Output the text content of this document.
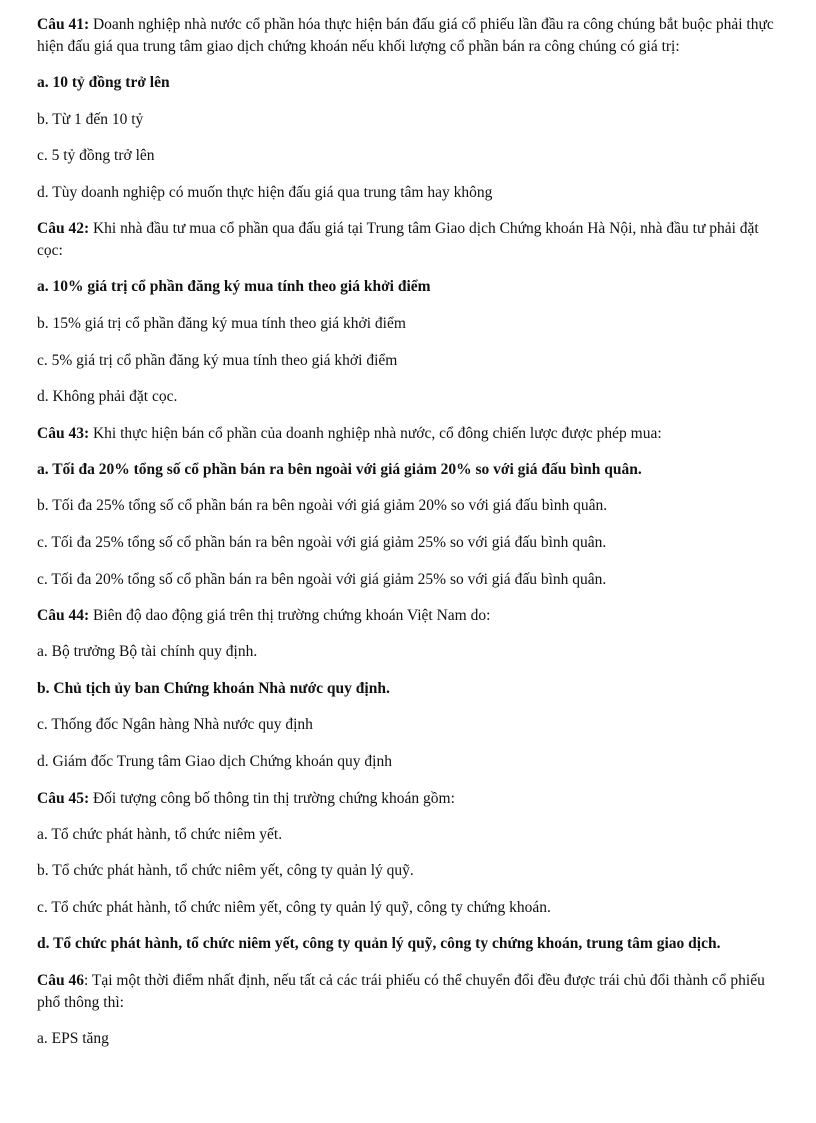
Câu 41: Doanh nghiệp nhà nước cổ phần hóa thực hiện bán đấu giá cổ phiếu lần đầu ra công chúng bắt buộc phải thực hiện đấu giá qua trung tâm giao dịch chứng khoán nếu khối lượng cổ phần bán ra công chúng có giá trị:

a. 10 tỷ đồng trở lên

b. Từ 1 đến 10 tỷ

c. 5 tỷ đồng trở lên

d. Tùy doanh nghiệp có muốn thực hiện đấu giá qua trung tâm hay không

Câu 42: Khi nhà đầu tư mua cổ phần qua đấu giá tại Trung tâm Giao dịch Chứng khoán Hà Nội, nhà đầu tư phải đặt cọc:

a. 10% giá trị cổ phần đăng ký mua tính theo giá khởi điểm

b. 15% giá trị cổ phần đăng ký mua tính theo giá khởi điểm

c. 5% giá trị cổ phần đăng ký mua tính theo giá khởi điểm

d. Không phải đặt cọc.

Câu 43: Khi thực hiện bán cổ phần của doanh nghiệp nhà nước, cổ đông chiến lược được phép mua:

a. Tối đa 20% tổng số cổ phần bán ra bên ngoài với giá giảm 20% so với giá đấu bình quân.

b. Tối đa 25% tổng số cổ phần bán ra bên ngoài với giá giảm 20% so với giá đấu bình quân.

c. Tối đa 25% tổng số cổ phần bán ra bên ngoài với giá giảm 25% so với giá đấu bình quân.

c. Tối đa 20% tổng số cổ phần bán ra bên ngoài với giá giảm 25% so với giá đấu bình quân.

Câu 44: Biên độ dao động giá trên thị trường chứng khoán Việt Nam do:

a. Bộ trưởng Bộ tài chính quy định.

b. Chủ tịch ủy ban Chứng khoán Nhà nước quy định.

c. Thống đốc Ngân hàng Nhà nước quy định

d. Giám đốc Trung tâm Giao dịch Chứng khoán quy định

Câu 45: Đối tượng công bố thông tin thị trường chứng khoán gồm:

a. Tổ chức phát hành, tổ chức niêm yết.

b. Tổ chức phát hành, tổ chức niêm yết, công ty quản lý quỹ.

c. Tổ chức phát hành, tổ chức niêm yết, công ty quản lý quỹ, công ty chứng khoán.

d. Tổ chức phát hành, tổ chức niêm yết, công ty quản lý quỹ, công ty chứng khoán, trung tâm giao dịch.

Câu 46: Tại một thời điểm nhất định, nếu tất cả các trái phiếu có thể chuyển đổi đều được trái chủ đổi thành cổ phiếu phổ thông thì:

a. EPS tăng
